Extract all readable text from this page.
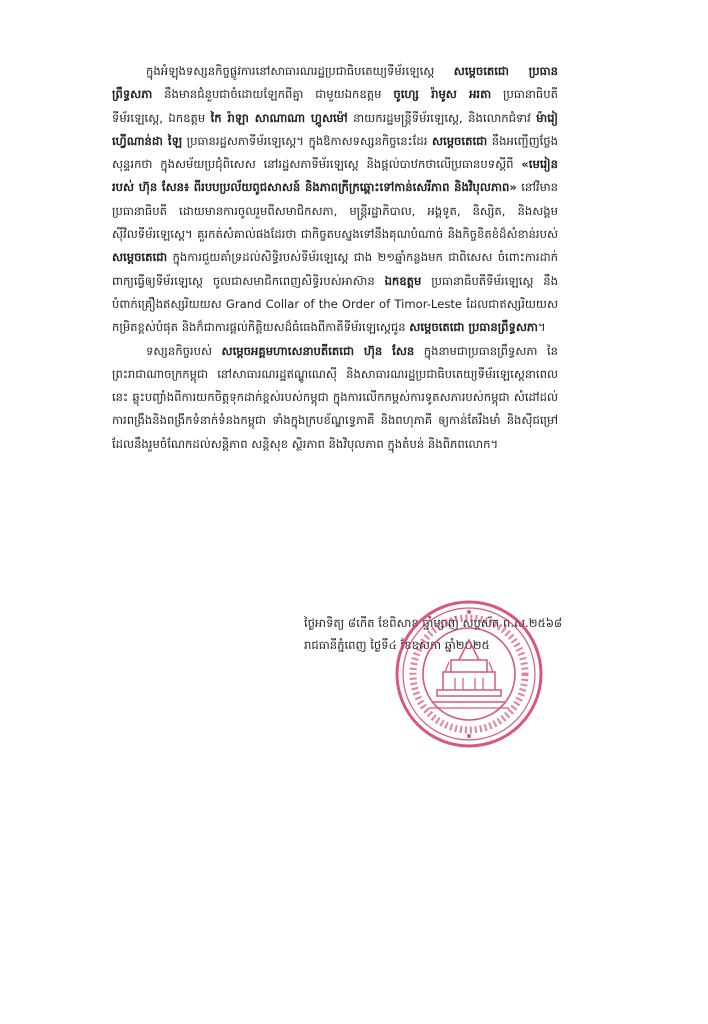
ក្នុងអំឡុងទស្សនកិច្ចផ្លូវការនៅសាធារណរដ្ឋប្រជាធិបតេយ្យទីម័រឡេស្តេ សម្តេចតេជោ ប្រធានព្រឹទ្ធសភា នឹងមានជំនួបជាចំដោយឡែកពីគ្នា ជាមួយឯកឧត្តម ចូហ្សេ រ៉ាមូស អរតា ប្រធានាធិបតីទីម័រឡេស្តេ, ឯកឧត្តម កៃ រ៉ាឡា សាណាណា ហ្គូសម៉ៅ នាយករដ្ឋមន្ត្រីទីម័រឡេស្តេ, និងលោកជំទាវ ម៉ារៀ ហ្វើណាន់ដា ឡៃ ប្រធានរដ្ឋសភាទីម័រឡេស្តេ។ ក្នុងឱកាសទស្សនកិច្ចនេះដែរ សម្តេចតេជោ នឹងអញ្ជើញថ្លែងសុន្ទរកថា ក្នុងសម័យប្រជុំពិសេស នៅរដ្ឋសភាទីម័រឡេស្តេ និងផ្តល់បាឋកថាលើប្រធានបទស្តីពី «មេរៀនរបស់ ហ៊ុន សែន៖ ពីរបបប្រល័យពូជសាសន៍ និងភាពក្រីក្រឆ្ពោះទៅកាន់សេរីភាព និងវិបុលភាព» នៅវិមានប្រធានាធិបតី ដោយមានការចូលរួមពីសមាជិកសភា, មន្ត្រីរដ្ឋាភិបាល, អង្គទូត, និស្សិត, និងសង្គមស៊ីវិលទីម័រឡេស្តេ។ គួរកត់សំគាល់ផងដែរថា ជាកិច្ចតបស្នងទៅនឹងគុណបំណាច់ និងកិច្ចខិតខំដ៏សំខាន់របស់ សម្តេចតេជោ ក្នុងការជួយគាំទ្រដល់សិទ្ធិរបស់ទីម័រឡេស្តេ ជាង ២១ឆ្នាំកន្លងមក ជាពិសេស ចំពោះការដាក់ពាក្យធ្វើឲ្យទីម័រឡេស្តេ ចូលជាសមាជិកពេញសិទ្ធិរបស់អាស៊ាន ឯកឧត្តម ប្រធានាធិបតីទីម័រឡេស្តេ នឹងបំពាក់គ្រឿងឥស្សរិយយស Grand Collar of the Order of Timor-Leste ដែលជាឥស្សរិយយសកម្រិតខ្ពស់បំផុត និងក៏ជាការផ្តល់កិត្តិយសដ៏ធំធេងពីកាតីទីម័រឡេស្តេជូន សម្តេចតេជោ ប្រធានព្រឹទ្ធសភា។

ទស្សនកិច្ចរបស់ សម្តេចអគ្គមហាសេនាបតីតេជោ ហ៊ុន សែន ក្នុងនាមជាប្រធានព្រឹទ្ធសភា នៃព្រះរាជាណាចក្រកម្ពុជា នៅសាធារណរដ្ឋឥណ្ឌូណេស៊ី និងសាធារណរដ្ឋប្រជាធិបតេយ្យទីម័រឡេស្តេនាពេលនេះ ឆ្លុះបញ្ចាំងពីការយកចិត្តទុកដាក់ខ្ពស់របស់កម្ពុជា ក្នុងការលើកកម្ពស់ការទូតសភារបស់កម្ពុជា សំដៅដល់ការពង្រឹងនិងពង្រីកទំនាក់ទំនងកម្ពុជា ទាំងក្នុងក្របខ័ណ្ឌទ្វេភាគី និងពហុភាគី ឲ្យកាន់តែរឹងមាំ និងស៊ីជម្រៅ ដែលនឹងរួមចំណែកដល់សន្តិភាព សន្តិសុខ ស្ថិរភាព និងវិបុលភាព ក្នុងតំបន់ និងពិភពលោក។

ថ្ងៃអាទិត្យ ៨កើត ខែពិសាខ ឆ្នាំម្សាញ់ សប្តស័ក ព.ស.២៥៦៨
រាជធានីភ្នំពេញ ថ្ងៃទី៤ ខែឧសភា ឆ្នាំ២០២៥
